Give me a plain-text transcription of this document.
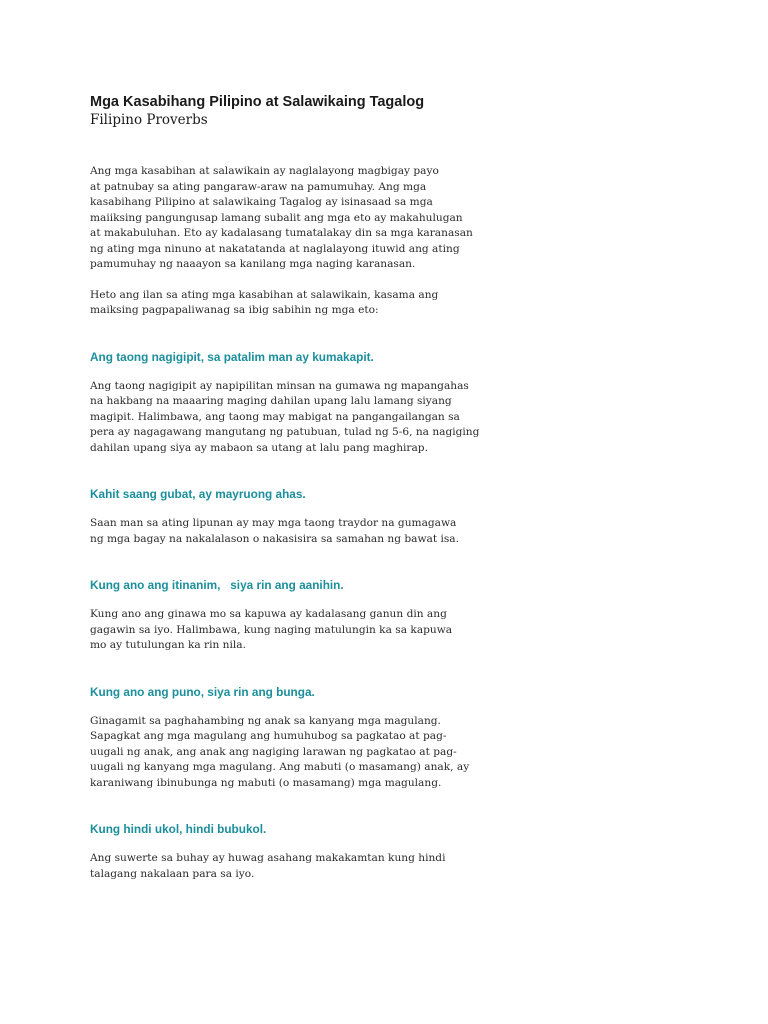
Mga Kasabihang Pilipino at Salawikaing Tagalog
Filipino Proverbs

Ang mga kasabihan at salawikain ay naglalayong magbigay payo
at patnubay sa ating pangaraw-araw na pamumuhay. Ang mga
kasabihang Pilipino at salawikaing Tagalog ay isinasaad sa mga
maiiksing pangungusap lamang subalit ang mga eto ay makahulugan
at makabuluhan. Eto ay kadalasang tumatalakay din sa mga karanasan
ng ating mga ninuno at nakatatanda at naglalayong ituwid ang ating
pamumuhay ng naaayon sa kanilang mga naging karanasan.

Heto ang ilan sa ating mga kasabihan at salawikain, kasama ang
maiksing pagpapaliwanag sa ibig sabihin ng mga eto:

Ang taong nagigipit, sa patalim man ay kumakapit.

Ang taong nagigipit ay napipilitan minsan na gumawa ng mapangahas
na hakbang na maaaring maging dahilan upang lalu lamang siyang
magipit. Halimbawa, ang taong may mabigat na pangangailangan sa
pera ay nagagawang mangutang ng patubuan, tulad ng 5-6, na nagiging
dahilan upang siya ay mabaon sa utang at lalu pang maghirap.

Kahit saang gubat, ay mayruong ahas.

Saan man sa ating lipunan ay may mga taong traydor na gumagawa
ng mga bagay na nakalalason o nakasisira sa samahan ng bawat isa.

Kung ano ang itinanim,   siya rin ang aanihin.

Kung ano ang ginawa mo sa kapuwa ay kadalasang ganun din ang
gagawin sa iyo. Halimbawa, kung naging matulungin ka sa kapuwa
mo ay tutulungan ka rin nila.

Kung ano ang puno, siya rin ang bunga.

Ginagamit sa paghahambing ng anak sa kanyang mga magulang.
Sapagkat ang mga magulang ang humuhubog sa pagkatao at pag-
uugali ng anak, ang anak ang nagiging larawan ng pagkatao at pag-
uugali ng kanyang mga magulang. Ang mabuti (o masamang) anak, ay
karaniwang ibinubunga ng mabuti (o masamang) mga magulang.

Kung hindi ukol, hindi bubukol.

Ang suwerte sa buhay ay huwag asahang makakamtan kung hindi
talagang nakalaan para sa iyo.
